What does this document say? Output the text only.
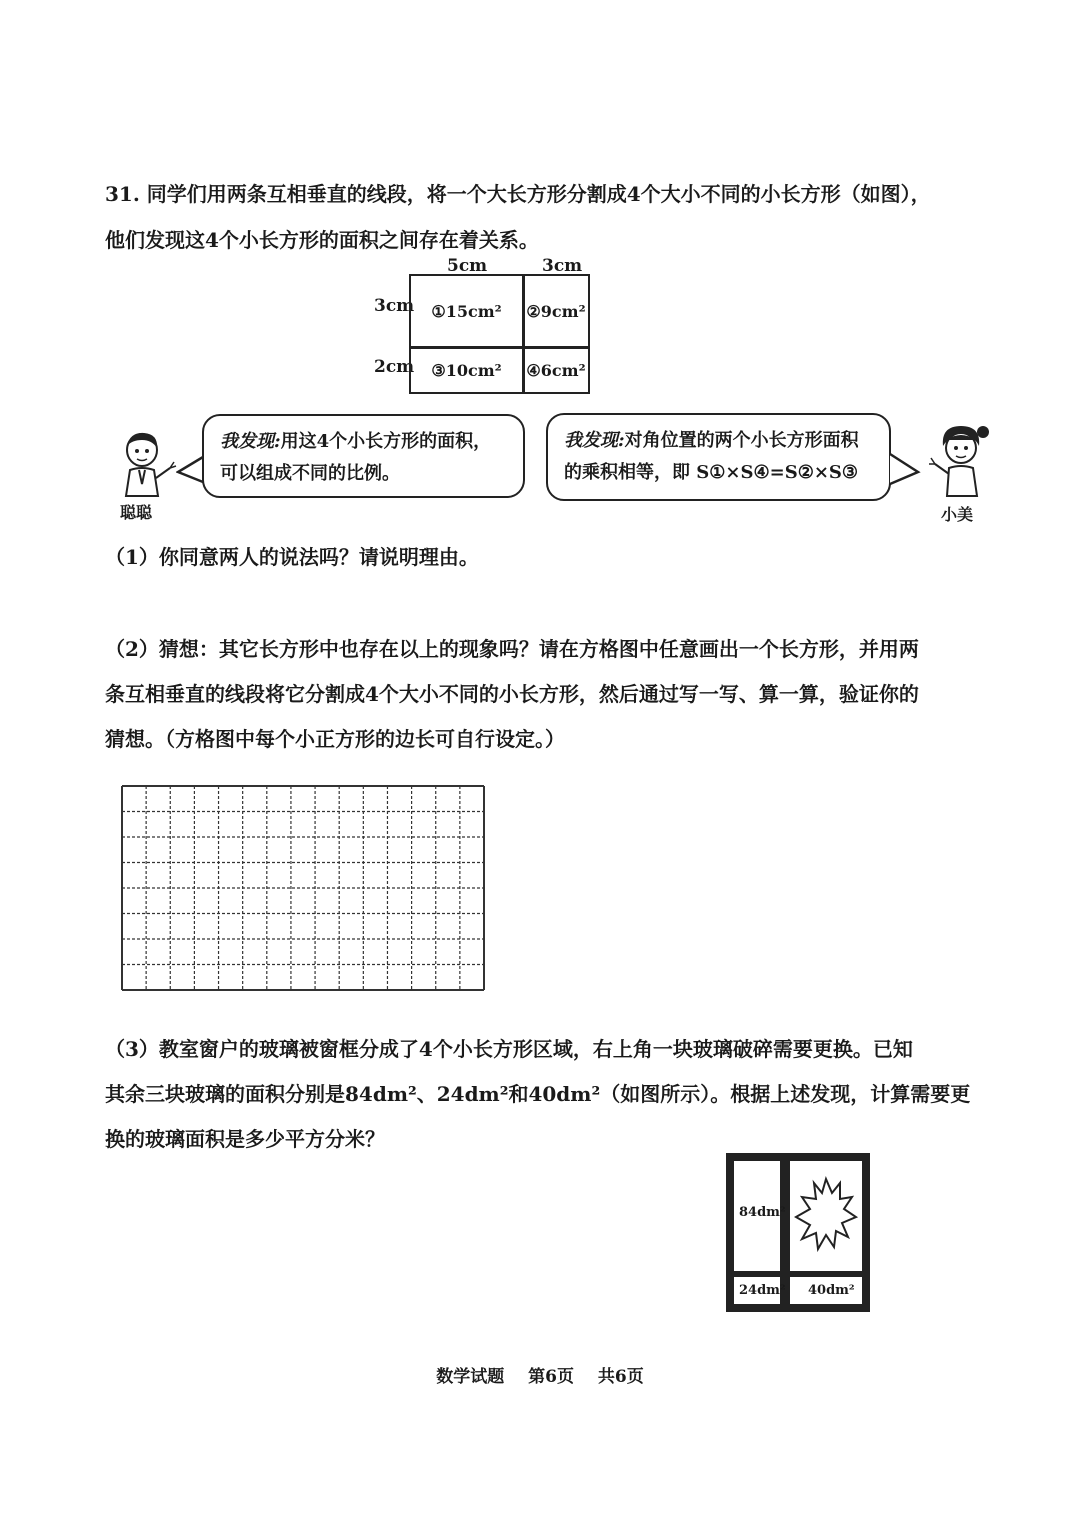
31. 同学们用两条互相垂直的线段，将一个大长方形分割成4个大小不同的小长方形（如图），
他们发现这4个小长方形的面积之间存在着关系。
5cm	3cm
3cm
2cm
①15cm²	②9cm²
③10cm²	④6cm²
聪聪
我发现:用这4个小长方形的面积，
可以组成不同的比例。
我发现:对角位置的两个小长方形面积
的乘积相等，即 S①×S④=S②×S③
小美
（1）你同意两人的说法吗？请说明理由。
（2）猜想：其它长方形中也存在以上的现象吗？请在方格图中任意画出一个长方形，并用两
条互相垂直的线段将它分割成4个大小不同的小长方形，然后通过写一写、算一算，验证你的
猜想。（方格图中每个小正方形的边长可自行设定。）
（3）教室窗户的玻璃被窗框分成了4个小长方形区域，右上角一块玻璃破碎需要更换。已知
其余三块玻璃的面积分别是84dm²、24dm²和40dm²（如图所示）。根据上述发现，计算需要更
换的玻璃面积是多少平方分米？
84dm²
24dm² 40dm²
数学试题 第6页 共6页
